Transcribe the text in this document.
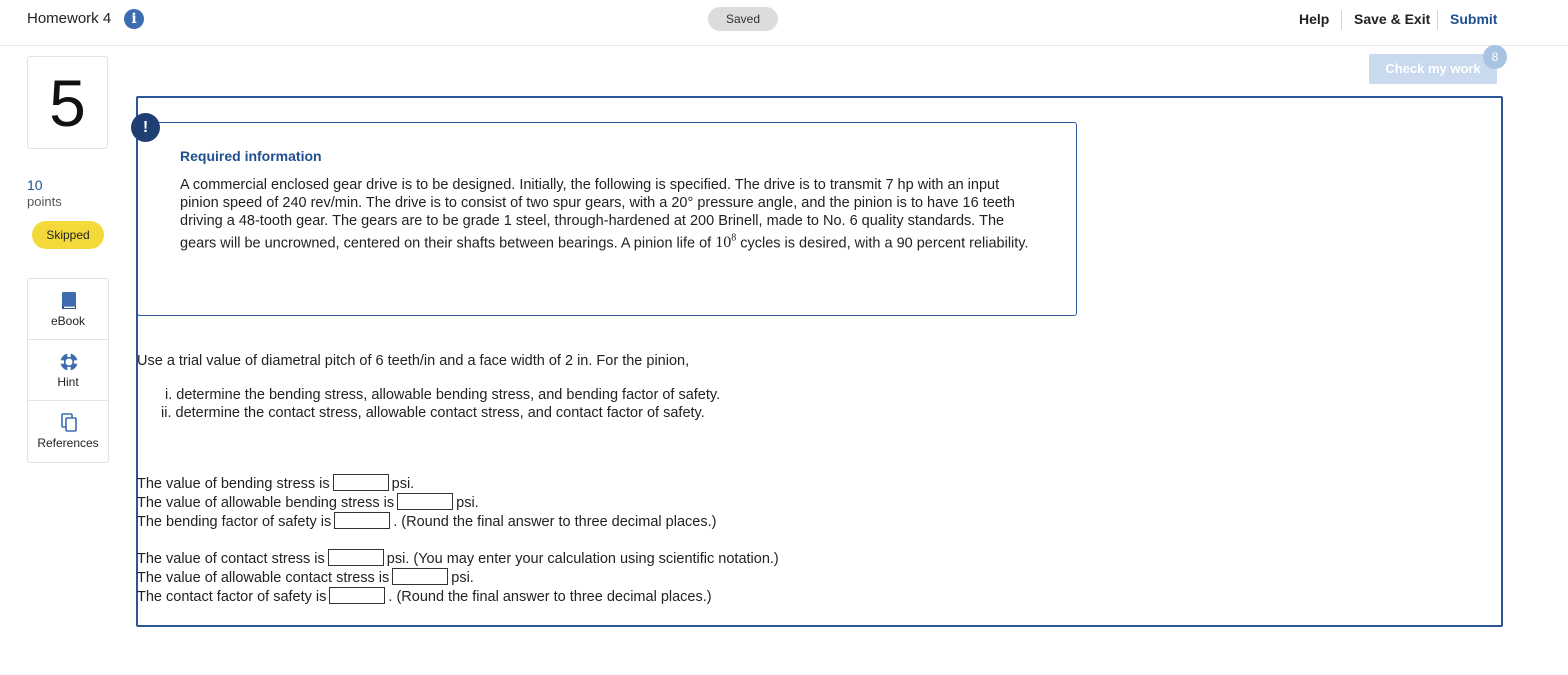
Homework 4	i	Saved	Help Save & Exit Submit
5
10
points
Skipped
eBook
Hint
References
Check my work
8
!
Required information

A commercial enclosed gear drive is to be designed. Initially, the following is specified. The drive is to transmit 7 hp with an input pinion speed of 240 rev/min. The drive is to consist of two spur gears, with a 20° pressure angle, and the pinion is to have 16 teeth driving a 48-tooth gear. The gears are to be grade 1 steel, through-hardened at 200 Brinell, made to No. 6 quality standards. The gears will be uncrowned, centered on their shafts between bearings. A pinion life of $10^8$ cycles is desired, with a 90 percent reliability.

Use a trial value of diametral pitch of 6 teeth/in and a face width of 2 in. For the pinion,
i. determine the bending stress, allowable bending stress, and bending factor of safety.
ii. determine the contact stress, allowable contact stress, and contact factor of safety.
The value of bending stress is	psi.
The value of allowable bending stress is	psi.
The bending factor of safety is	. (Round the final answer to three decimal places.)
The value of contact stress is	psi. (You may enter your calculation using scientific notation.)
The value of allowable contact stress is	psi.
The contact factor of safety is	. (Round the final answer to three decimal places.)
